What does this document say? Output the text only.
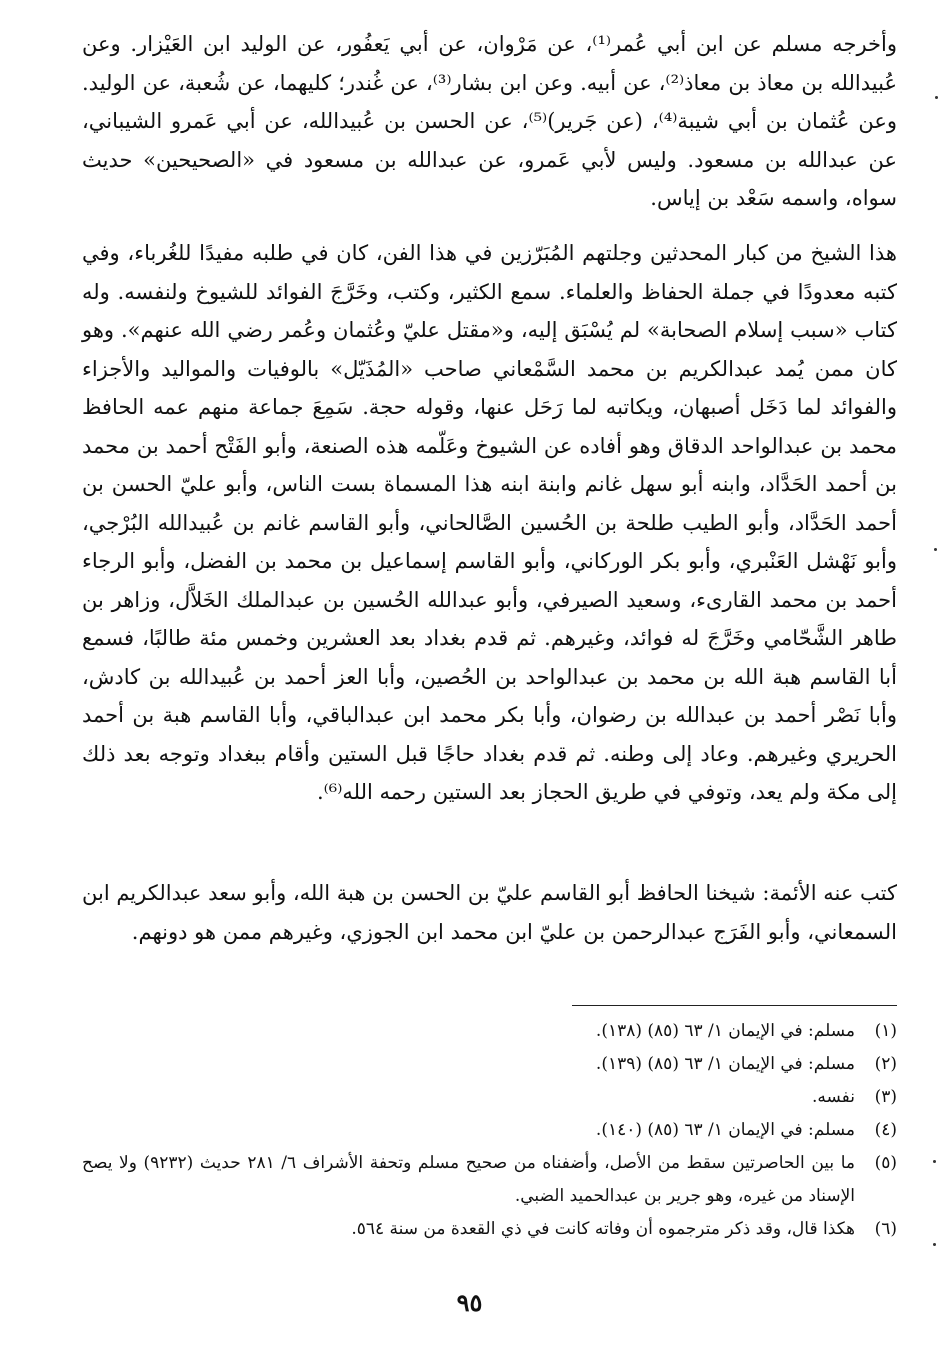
وأخرجه مسلم عن ابن أبي عُمر⁽¹⁾، عن مَرْوان، عن أبي يَعفُور، عن الوليد ابن العَيْزار. وعن عُبيدالله بن معاذ بن معاذ⁽²⁾، عن أبيه. وعن ابن بشار⁽³⁾، عن غُندر؛ كليهما، عن شُعبة، عن الوليد. وعن عُثمان بن أبي شيبة⁽⁴⁾، (عن جَرير)⁽⁵⁾، عن الحسن بن عُبيدالله، عن أبي عَمرو الشيباني، عن عبدالله بن مسعود. وليس لأبي عَمرو، عن عبدالله بن مسعود في «الصحيحين» حديث سواه، واسمه سَعْد بن إياس.

هذا الشيخ من كبار المحدثين وجلتهم المُبَرّزين في هذا الفن، كان في طلبه مفيدًا للغُرباء، وفي كتبه معدودًا في جملة الحفاظ والعلماء. سمع الكثير، وكتب، وخَرَّجَ الفوائد للشيوخ ولنفسه. وله كتاب «سبب إسلام الصحابة» لم يُسْبَق إليه، و«مقتل عليّ وعُثمان وعُمر رضي الله عنهم». وهو كان ممن يُمد عبدالكريم بن محمد السَّمْعاني صاحب «المُذَيّل» بالوفيات والمواليد والأجزاء والفوائد لما دَخَل أصبهان، ويكاتبه لما رَحَل عنها، وقوله حجة. سَمِعَ جماعة منهم عمه الحافظ محمد بن عبدالواحد الدقاق وهو أفاده عن الشيوخ وعَلّمه هذه الصنعة، وأبو الفَتْح أحمد بن محمد بن أحمد الحَدَّاد، وابنه أبو سهل غانم وابنة ابنه هذا المسماة بست الناس، وأبو عليّ الحسن بن أحمد الحَدَّاد، وأبو الطيب طلحة بن الحُسين الصَّالحاني، وأبو القاسم غانم بن عُبيدالله البُرْجي، وأبو نَهْشل العَنْبري، وأبو بكر الوركاني، وأبو القاسم إسماعيل بن محمد بن الفضل، وأبو الرجاء أحمد بن محمد القارىء، وسعيد الصيرفي، وأبو عبدالله الحُسين بن عبدالملك الخَلاَّل، وزاهر بن طاهر الشَّحّامي وخَرَّجَ له فوائد، وغيرهم. ثم قدم بغداد بعد العشرين وخمس مئة طالبًا، فسمع أبا القاسم هبة الله بن محمد بن عبدالواحد بن الحُصين، وأبا العز أحمد بن عُبيدالله بن كادش، وأبا نَصْر أحمد بن عبدالله بن رضوان، وأبا بكر محمد ابن عبدالباقي، وأبا القاسم هبة بن أحمد الحريري وغيرهم. وعاد إلى وطنه. ثم قدم بغداد حاجًا قبل الستين وأقام ببغداد وتوجه بعد ذلك إلى مكة ولم يعد، وتوفي في طريق الحجاز بعد الستين رحمه الله⁽⁶⁾.

كتب عنه الأئمة: شيخنا الحافظ أبو القاسم عليّ بن الحسن بن هبة الله، وأبو سعد عبدالكريم ابن السمعاني، وأبو الفَرَج عبدالرحمن بن عليّ ابن محمد ابن الجوزي، وغيرهم ممن هو دونهم.

(١)
مسلم: في الإيمان ١/ ٦٣ (٨٥) (١٣٨).
(٢)
مسلم: في الإيمان ١/ ٦٣ (٨٥) (١٣٩).
(٣)
نفسه.
(٤)
مسلم: في الإيمان ١/ ٦٣ (٨٥) (١٤٠).
(٥)
ما بين الحاصرتين سقط من الأصل، وأضفناه من صحيح مسلم وتحفة الأشراف ٦/ ٢٨١ حديث (٩٢٣٢) ولا يصح الإسناد من غيره، وهو جرير بن عبدالحميد الضبي.
(٦)
هكذا قال، وقد ذكر مترجموه أن وفاته كانت في ذي القعدة من سنة ٥٦٤.
٩٥
